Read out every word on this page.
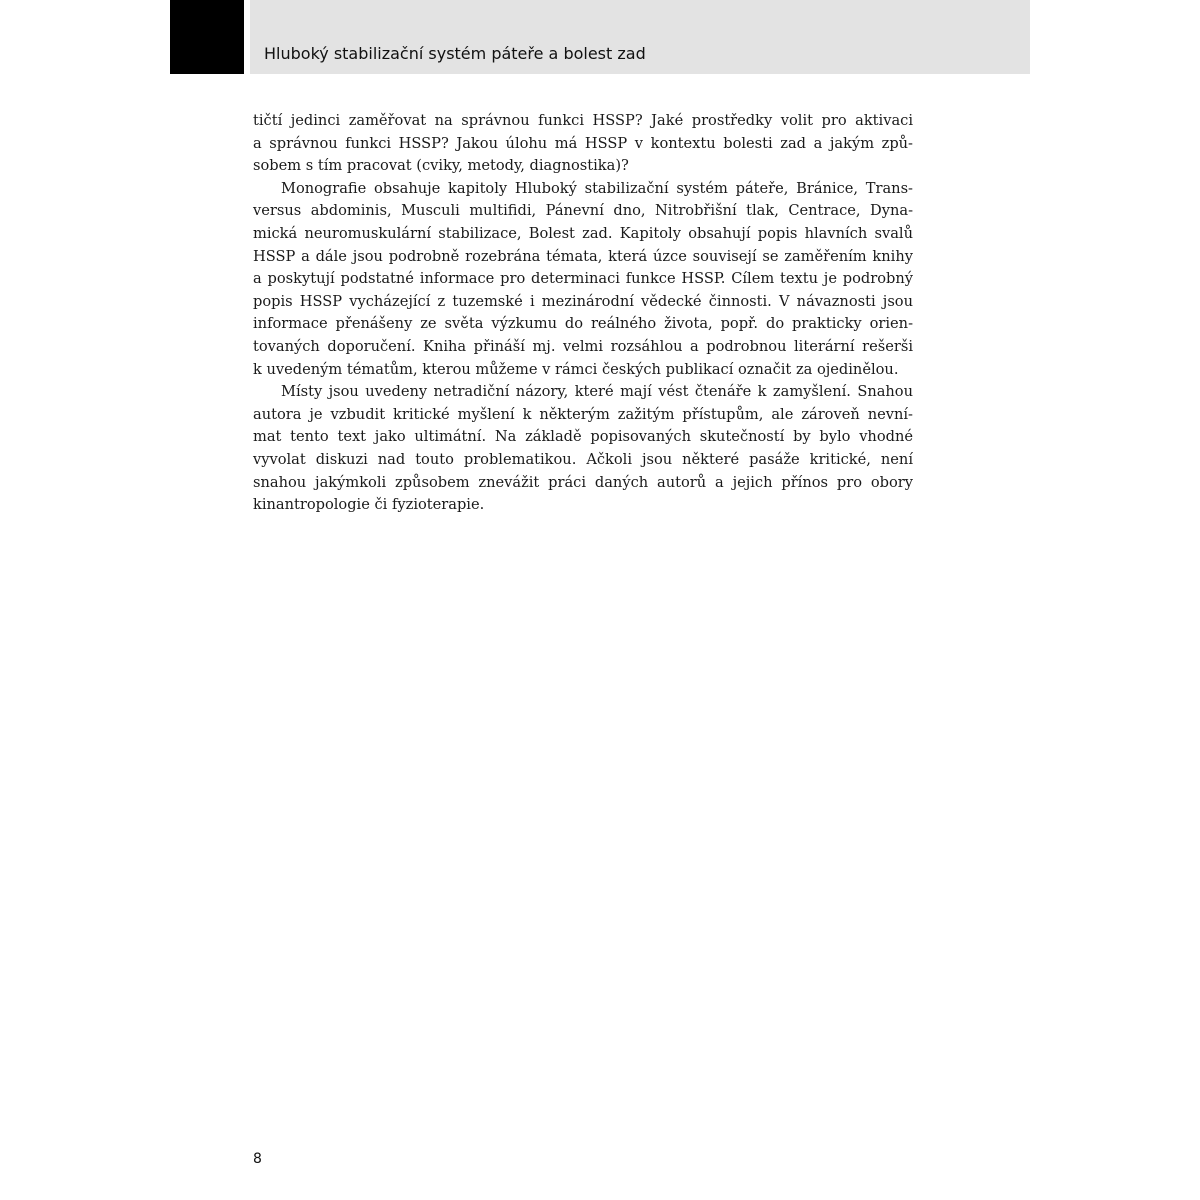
Hluboký stabilizační systém páteře a bolest zad
tičtí jedinci zaměřovat na správnou funkci HSSP? Jaké prostředky volit pro aktivaci
a správnou funkci HSSP? Jakou úlohu má HSSP v kontextu bolesti zad a jakým způ-
sobem s tím pracovat (cviky, metody, diagnostika)?
Monografie obsahuje kapitoly Hluboký stabilizační systém páteře, Bránice, Trans-
versus abdominis, Musculi multifidi, Pánevní dno, Nitrobřišní tlak, Centrace, Dyna-
mická neuromuskulární stabilizace, Bolest zad. Kapitoly obsahují popis hlavních svalů
HSSP a dále jsou podrobně rozebrána témata, která úzce souvisejí se zaměřením knihy
a poskytují podstatné informace pro determinaci funkce HSSP. Cílem textu je podrobný
popis HSSP vycházející z tuzemské i mezinárodní vědecké činnosti. V návaznosti jsou
informace přenášeny ze světa výzkumu do reálného života, popř. do prakticky orien-
tovaných doporučení. Kniha přináší mj. velmi rozsáhlou a podrobnou literární rešerši
k uvedeným tématům, kterou můžeme v rámci českých publikací označit za ojedinělou.
Místy jsou uvedeny netradiční názory, které mají vést čtenáře k zamyšlení. Snahou
autora je vzbudit kritické myšlení k některým zažitým přístupům, ale zároveň nevní-
mat tento text jako ultimátní. Na základě popisovaných skutečností by bylo vhodné
vyvolat diskuzi nad touto problematikou. Ačkoli jsou některé pasáže kritické, není
snahou jakýmkoli způsobem znevážit práci daných autorů a jejich přínos pro obory
kinantropologie či fyzioterapie.
8
